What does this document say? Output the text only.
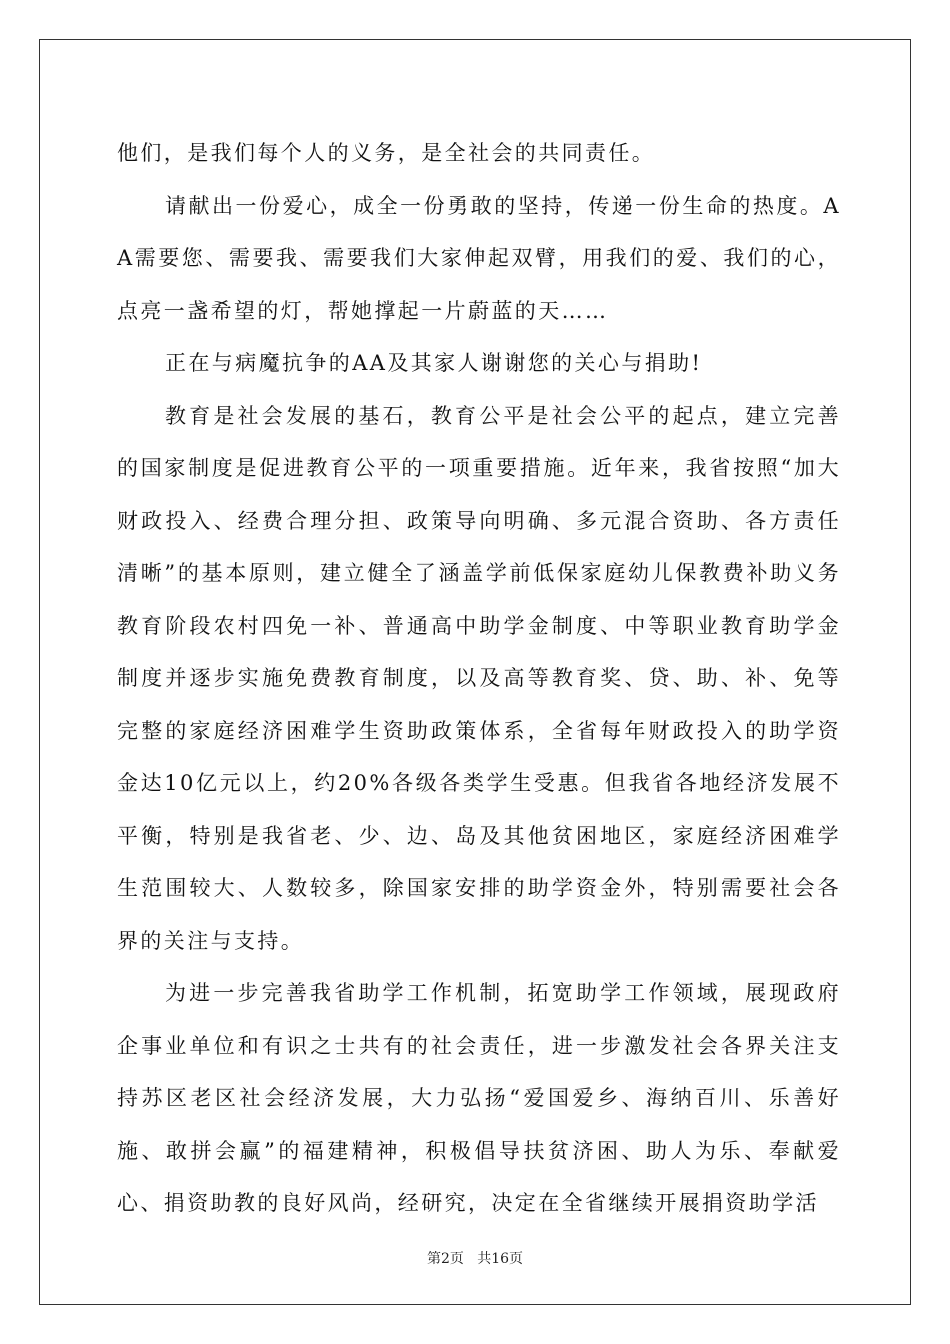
他们，是我们每个人的义务，是全社会的共同责任。

请献出一份爱心，成全一份勇敢的坚持，传递一份生命的热度。AA需要您、需要我、需要我们大家伸起双臂，用我们的爱、我们的心，点亮一盏希望的灯，帮她撑起一片蔚蓝的天……

正在与病魔抗争的AA及其家人谢谢您的关心与捐助!

教育是社会发展的基石，教育公平是社会公平的起点，建立完善的国家制度是促进教育公平的一项重要措施。近年来，我省按照“加大财政投入、经费合理分担、政策导向明确、多元混合资助、各方责任清晰”的基本原则，建立健全了涵盖学前低保家庭幼儿保教费补助义务教育阶段农村四免一补、普通高中助学金制度、中等职业教育助学金制度并逐步实施免费教育制度，以及高等教育奖、贷、助、补、免等完整的家庭经济困难学生资助政策体系，全省每年财政投入的助学资金达10亿元以上，约20%各级各类学生受惠。但我省各地经济发展不平衡，特别是我省老、少、边、岛及其他贫困地区，家庭经济困难学生范围较大、人数较多，除国家安排的助学资金外，特别需要社会各界的关注与支持。

为进一步完善我省助学工作机制，拓宽助学工作领域，展现政府企事业单位和有识之士共有的社会责任，进一步激发社会各界关注支持苏区老区社会经济发展，大力弘扬“爱国爱乡、海纳百川、乐善好施、敢拼会赢”的福建精神，积极倡导扶贫济困、助人为乐、奉献爱心、捐资助教的良好风尚，经研究，决定在全省继续开展捐资助学活

第2页   共16页
